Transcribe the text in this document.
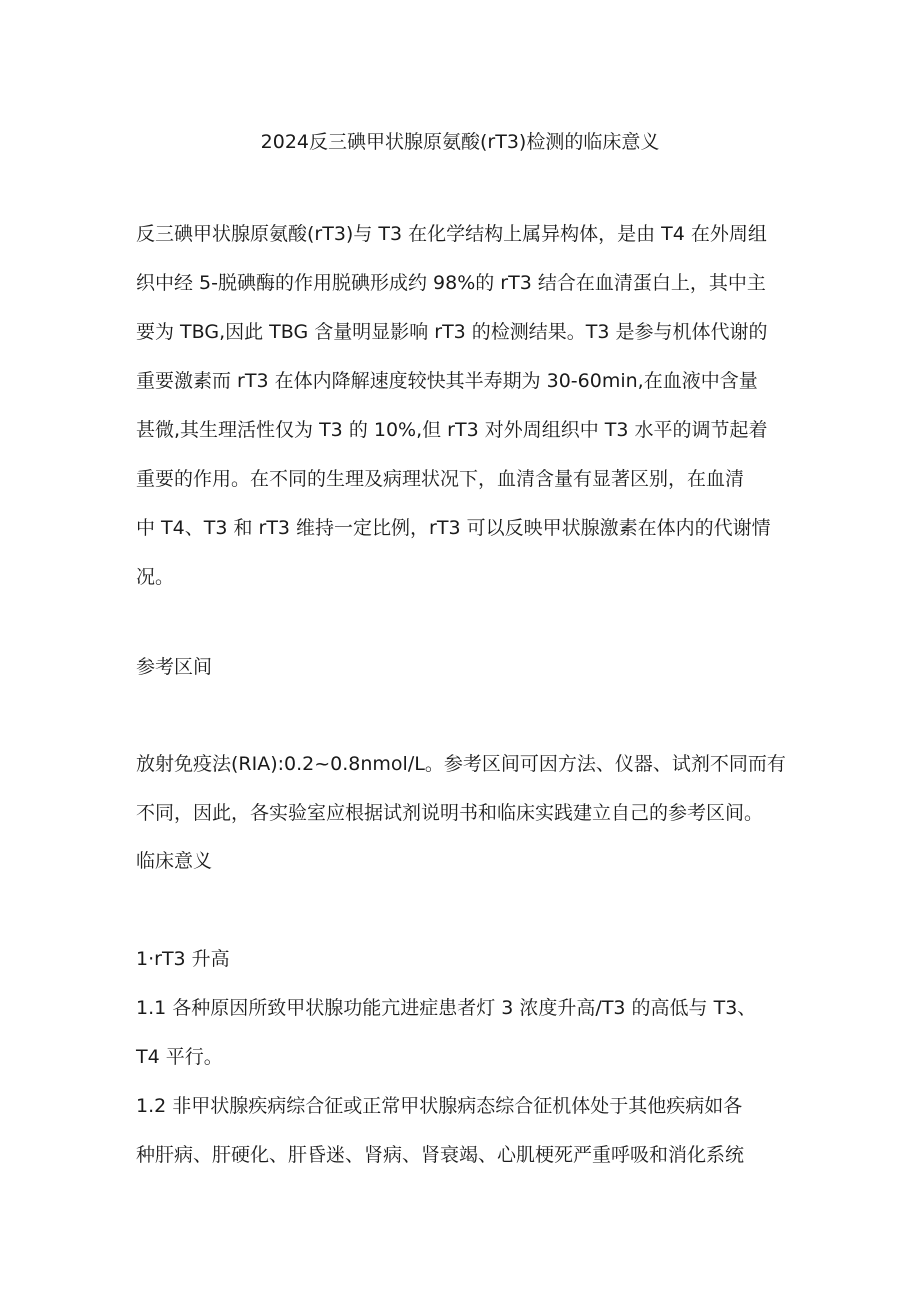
2024反三碘甲状腺原氨酸(rT3)检测的临床意义
反三碘甲状腺原氨酸(rT3)与 T3 在化学结构上属异构体，是由 T4 在外周组
织中经 5-脱碘酶的作用脱碘形成约 98%的 rT3 结合在血清蛋白上，其中主
要为 TBG,因此 TBG 含量明显影响 rT3 的检测结果。T3 是参与机体代谢的
重要激素而 rT3 在体内降解速度较快其半寿期为 30-60min,在血液中含量
甚微,其生理活性仅为 T3 的 10%,但 rT3 对外周组织中 T3 水平的调节起着
重要的作用。在不同的生理及病理状况下，血清含量有显著区别，在血清
中 T4、T3 和 rT3 维持一定比例，rT3 可以反映甲状腺激素在体内的代谢情
况。
参考区间
放射免疫法(RIA):0.2~0.8nmol∕L。参考区间可因方法、仪器、试剂不同而有
不同，因此，各实验室应根据试剂说明书和临床实践建立自己的参考区间。
临床意义
1·rT3 升高
1.1 各种原因所致甲状腺功能亢进症患者灯 3 浓度升高/T3 的高低与 T3、
T4 平行。
1.2 非甲状腺疾病综合征或正常甲状腺病态综合征机体处于其他疾病如各
种肝病、肝硬化、肝昏迷、肾病、肾衰竭、心肌梗死严重呼吸和消化系统
